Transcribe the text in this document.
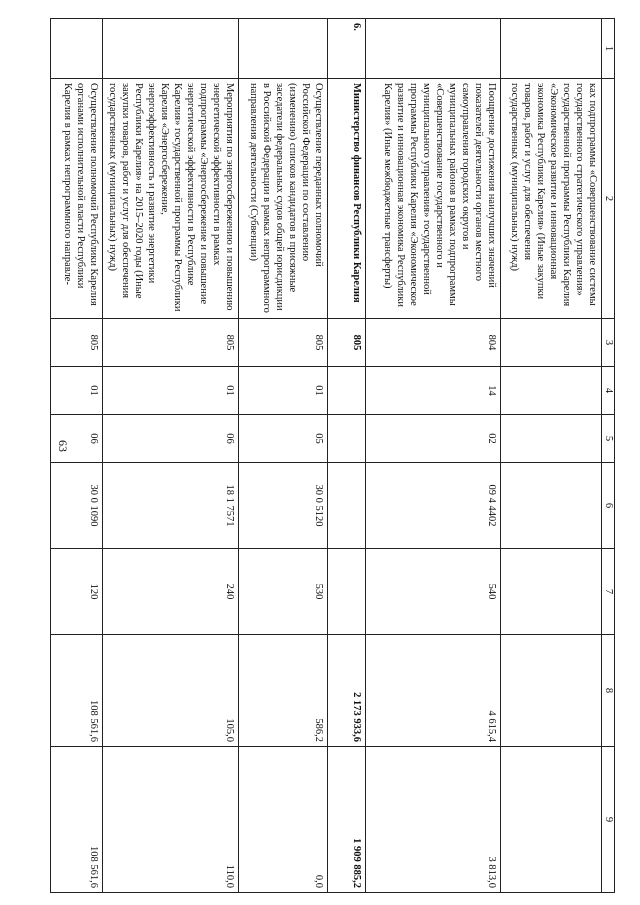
63
1	2	3	4	5	6	7	8	9
	ках подпрограммы «Совершенствование системы государственного стратегического управления» государственной программы Республики Карелия «Экономическое развитие и инновационная экономика Республики Карелия» (Иные закупки товаров, работ и услуг для обеспечения государственных (муниципальных) нужд)							
	Поощрение достижения наилучших значений показателей деятельности органов местного самоуправления городских округов и муниципальных районов в рамках подпрограммы «Совершенствование государственного и муниципального управления» государственной программы Республики Карелия «Экономическое развитие и инновационная экономика Республики Карелия» (Иные межбюджетные трансферты)	804	14	02	09 4 4402	540	4 615,4	3 813,0
6.	Министерство финансов Республики Карелия	805					2 173 933,6	1 909 885,2
	Осуществление переданных полномочий Российской Федерации по составлению (изменению) списков кандидатов в присяжные заседатели федеральных судов общей юрисдикции в Российской Федерации в рамках непрограммного направления деятельности (Субвенции)	805	01	05	30 0 5120	530	586,2	0,0
	Мероприятия по энергосбережению и повышению энергетической эффективности в рамках подпрограммы «Энергосбережение и повышение энергетической эффективности в Республике Карелия» государственной программы Республики Карелия «Энергосбережение, энергоэффективность и развитие энергетики Республики Карелия» на 2015–2020 годы (Иные закупки товаров, работ и услуг для обеспечения государственных (муниципальных) нужд)	805	01	06	18 1 7571	240	105,0	110,0
	Осуществление полномочий Республики Карелия органами исполнительной власти Республики Карелия в рамках непрограммного направле-	805	01	06	30 0 1090	120	108 561,6	108 561,6
